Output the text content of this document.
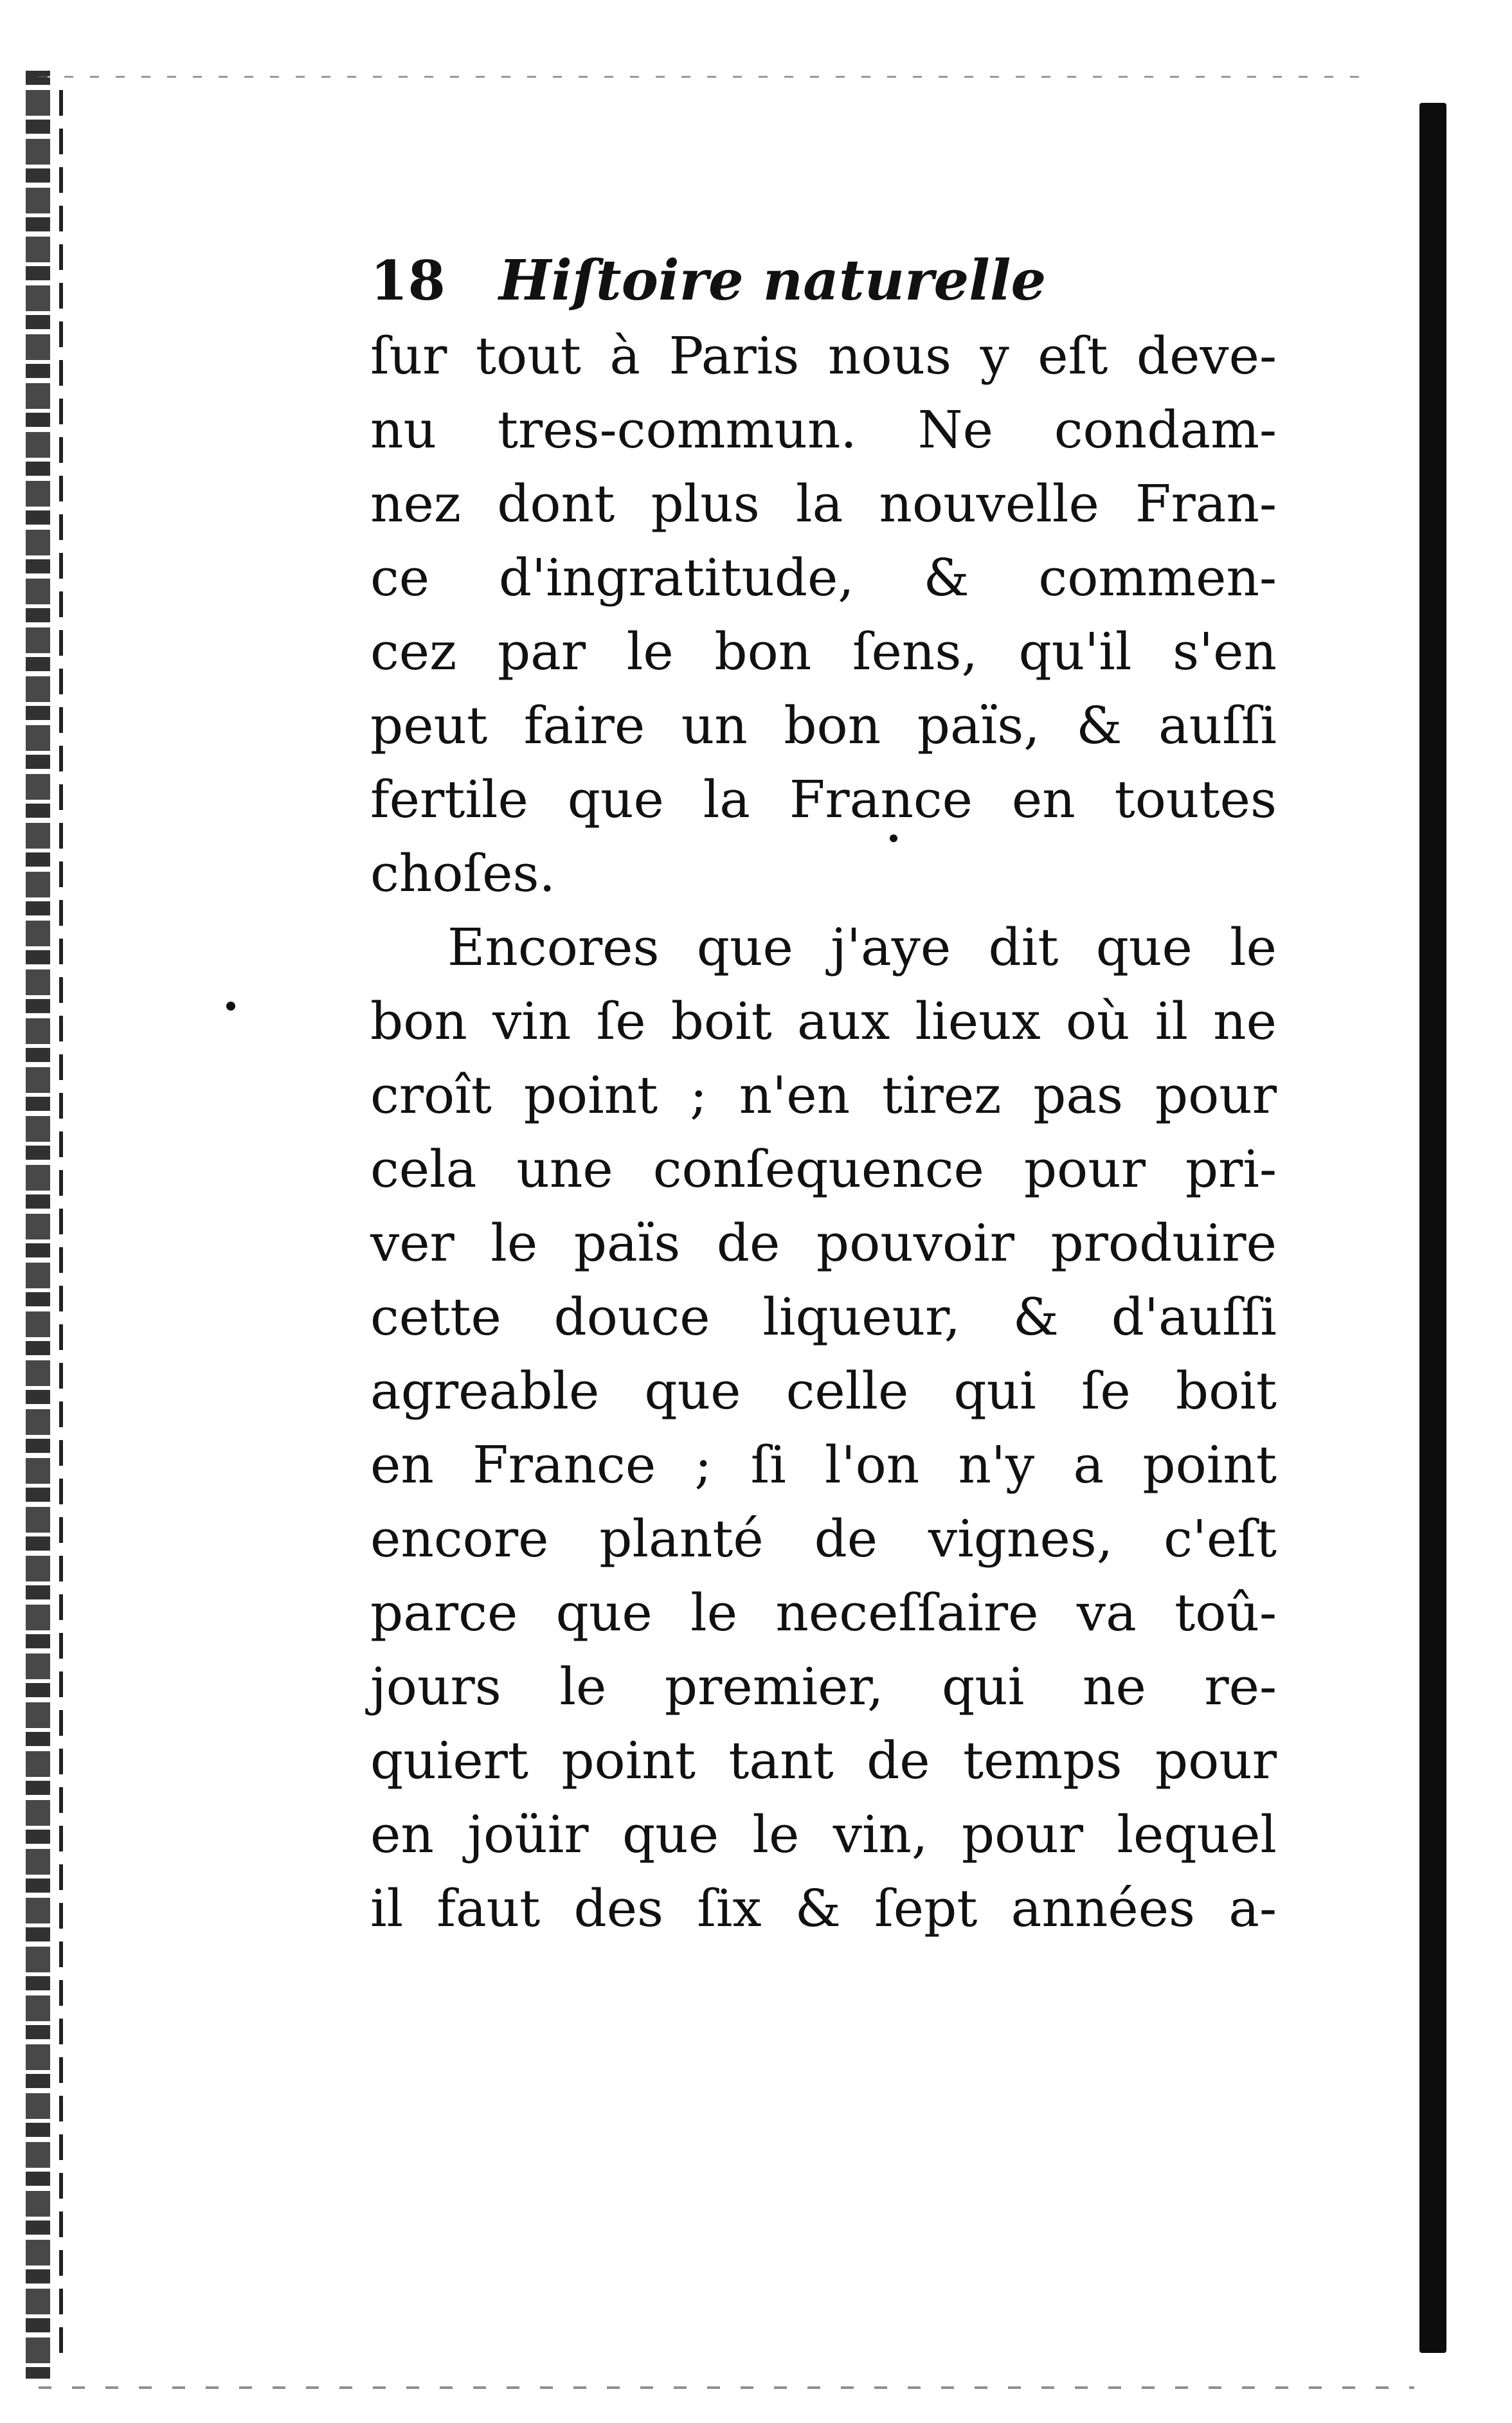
18 Hiſtoire naturelle
ſur tout à Paris nous y eſt deve-
nu tres-commun. Ne condam-
nez dont plus la nouvelle Fran-
ce d'ingratitude, & commen-
cez par le bon ſens, qu'il s'en
peut faire un bon païs, & auſſi
fertile que la France en toutes
choſes.
Encores que j'aye dit que le
bon vin ſe boit aux lieux où il ne
croît point ; n'en tirez pas pour
cela une conſequence pour pri-
ver le païs de pouvoir produire
cette douce liqueur, & d'auſſi
agreable que celle qui ſe boit
en France ; ſi l'on n'y a point
encore planté de vignes, c'eſt
parce que le neceſſaire va toû-
jours le premier, qui ne re-
quiert point tant de temps pour
en joüir que le vin, pour lequel
il faut des ſix & ſept années a-
